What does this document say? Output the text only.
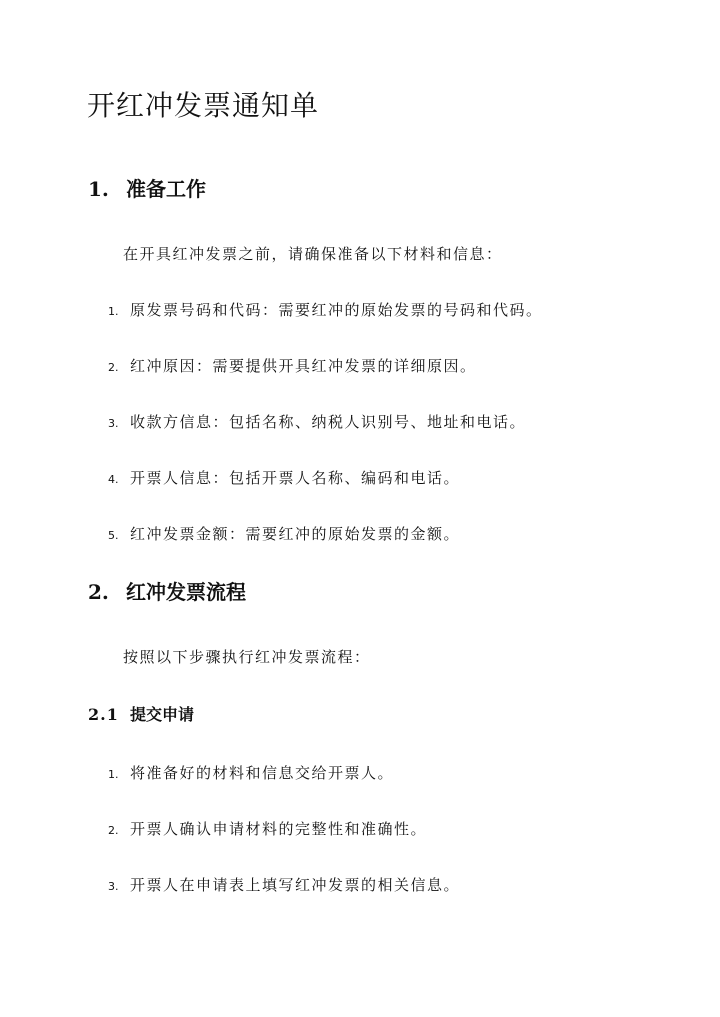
开红冲发票通知单
1. 准备工作

在开具红冲发票之前，请确保准备以下材料和信息：

1. 原发票号码和代码：需要红冲的原始发票的号码和代码。

2. 红冲原因：需要提供开具红冲发票的详细原因。

3. 收款方信息：包括名称、纳税人识别号、地址和电话。

4. 开票人信息：包括开票人名称、编码和电话。

5. 红冲发票金额：需要红冲的原始发票的金额。

2. 红冲发票流程

按照以下步骤执行红冲发票流程：

2.1 提交申请

1. 将准备好的材料和信息交给开票人。

2. 开票人确认申请材料的完整性和准确性。

3. 开票人在申请表上填写红冲发票的相关信息。
